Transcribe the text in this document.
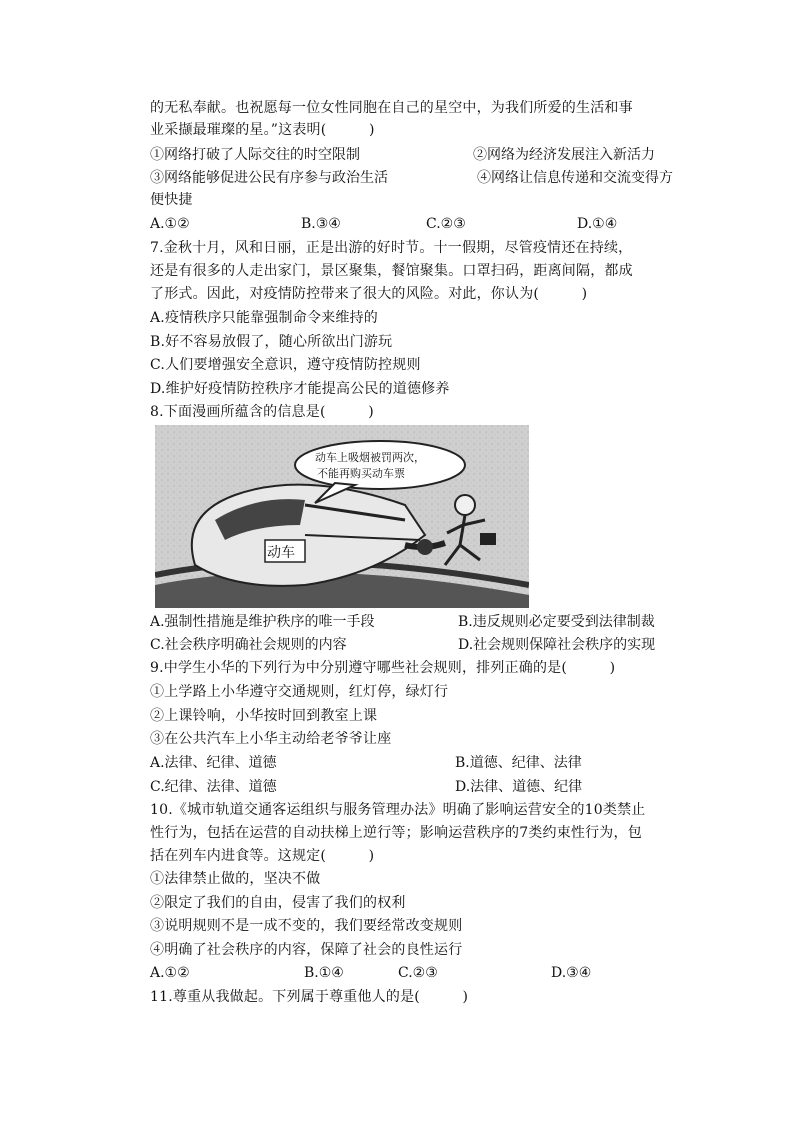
的无私奉献。也祝愿每一位女性同胞在自己的星空中，为我们所爱的生活和事
业采撷最璀璨的星。”这表明(　　　)
①网络打破了人际交往的时空限制	②网络为经济发展注入新活力
③网络能够促进公民有序参与政治生活	④网络让信息传递和交流变得方
便快捷
A.①②	B.③④	C.②③	D.①④
7.金秋十月，风和日丽，正是出游的好时节。十一假期，尽管疫情还在持续，
还是有很多的人走出家门，景区聚集，餐馆聚集。口罩扫码，距离间隔，都成
了形式。因此，对疫情防控带来了很大的风险。对此，你认为(　　　)
A.疫情秩序只能靠强制命令来维持的
B.好不容易放假了，随心所欲出门游玩
C.人们要增强安全意识，遵守疫情防控规则
D.维护好疫情防控秩序才能提高公民的道德修养
8.下面漫画所蕴含的信息是(　　　)
动车
动车上吸烟被罚两次，
不能再购买动车票
A.强制性措施是维护秩序的唯一手段	B.违反规则必定要受到法律制裁
C.社会秩序明确社会规则的内容	D.社会规则保障社会秩序的实现
9.中学生小华的下列行为中分别遵守哪些社会规则，排列正确的是(　　　)
①上学路上小华遵守交通规则，红灯停，绿灯行
②上课铃响，小华按时回到教室上课
③在公共汽车上小华主动给老爷爷让座
A.法律、纪律、道德	B.道德、纪律、法律
C.纪律、法律、道德	D.法律、道德、纪律
10.《城市轨道交通客运组织与服务管理办法》明确了影响运营安全的10类禁止
性行为，包括在运营的自动扶梯上逆行等；影响运营秩序的7类约束性行为，包
括在列车内进食等。这规定(　　　)
①法律禁止做的，坚决不做
②限定了我们的自由，侵害了我们的权利
③说明规则不是一成不变的，我们要经常改变规则
④明确了社会秩序的内容，保障了社会的良性运行
A.①②	B.①④	C.②③	D.③④
11.尊重从我做起。下列属于尊重他人的是(　　　)
